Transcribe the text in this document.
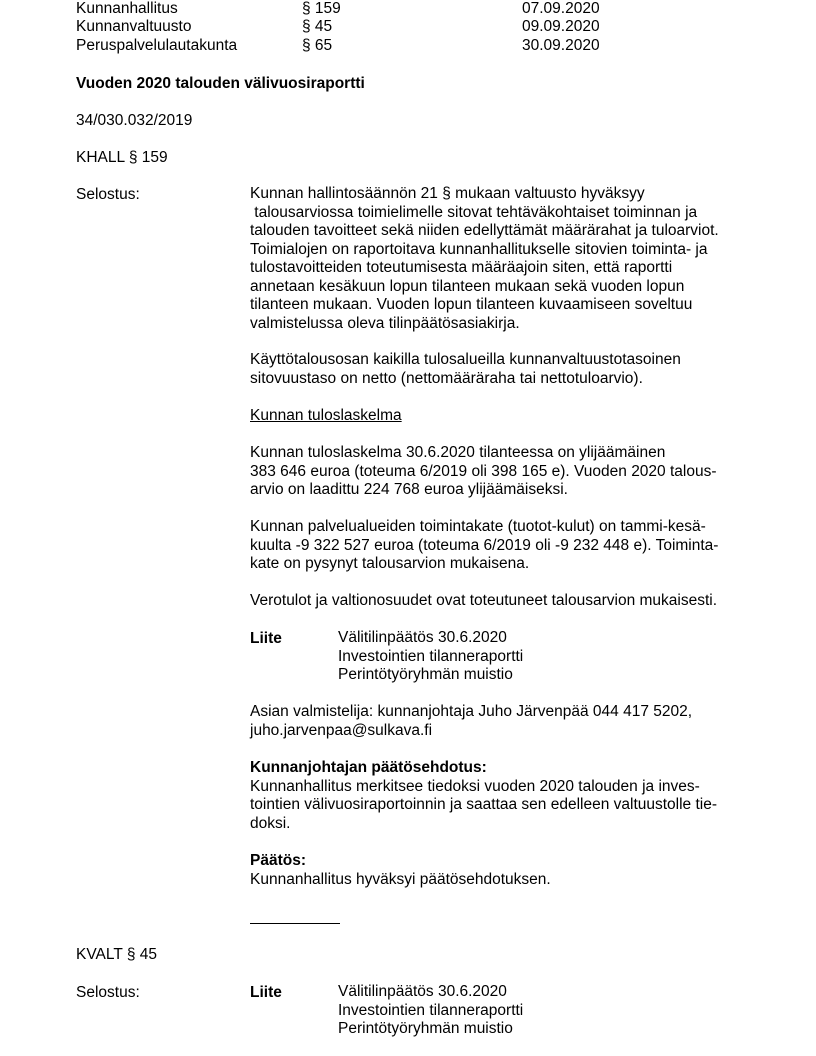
Kunnanhallitus	§ 159	07.09.2020
Kunnanvaltuusto	§ 45	09.09.2020
Peruspalvelulautakunta	§ 65	30.09.2020
Vuoden 2020 talouden välivuosiraportti
34/030.032/2019
KHALL § 159
Selostus:	Kunnan hallintosäännön 21 § mukaan valtuusto hyväksyy

talousarviossa toimielimelle sitovat tehtäväkohtaiset toiminnan ja

talouden tavoitteet sekä niiden edellyttämät määrärahat ja tuloarviot.

Toimialojen on raportoitava kunnanhallitukselle sitovien toiminta- ja

tulostavoitteiden toteutumisesta määräajoin siten, että raportti

annetaan kesäkuun lopun tilanteen mukaan sekä vuoden lopun

tilanteen mukaan. Vuoden lopun tilanteen kuvaamiseen soveltuu

valmistelussa oleva tilinpäätösasiakirja.

Käyttötalousosan kaikilla tulosalueilla kunnanvaltuustotasoinen

sitovuustaso on netto (nettomääräraha tai nettotuloarvio).

Kunnan tuloslaskelma

Kunnan tuloslaskelma 30.6.2020 tilanteessa on ylijäämäinen

383 646 euroa (toteuma 6/2019 oli 398 165 e). Vuoden 2020 talous-

arvio on laadittu 224 768 euroa ylijäämäiseksi.

Kunnan palvelualueiden toimintakate (tuotot-kulut) on tammi-kesä-

kuulta -9 322 527 euroa (toteuma 6/2019 oli -9 232 448 e). Toiminta-

kate on pysynyt talousarvion mukaisena.

Verotulot ja valtionosuudet ovat toteutuneet talousarvion mukaisesti.

Liite	Välitilinpäätös 30.6.2020
Investointien tilanneraportti
Perintötyöryhmän muistio

Asian valmistelija: kunnanjohtaja Juho Järvenpää 044 417 5202,

juho.jarvenpaa@sulkava.fi

Kunnanjohtajan päätösehdotus:

Kunnanhallitus merkitsee tiedoksi vuoden 2020 talouden ja inves-

tointien välivuosiraportoinnin ja saattaa sen edelleen valtuustolle tie-

doksi.

Päätös:

Kunnanhallitus hyväksyi päätösehdotuksen.

KVALT § 45
Selostus:	Liite	Välitilinpäätös 30.6.2020
Investointien tilanneraportti
Perintötyöryhmän muistio
